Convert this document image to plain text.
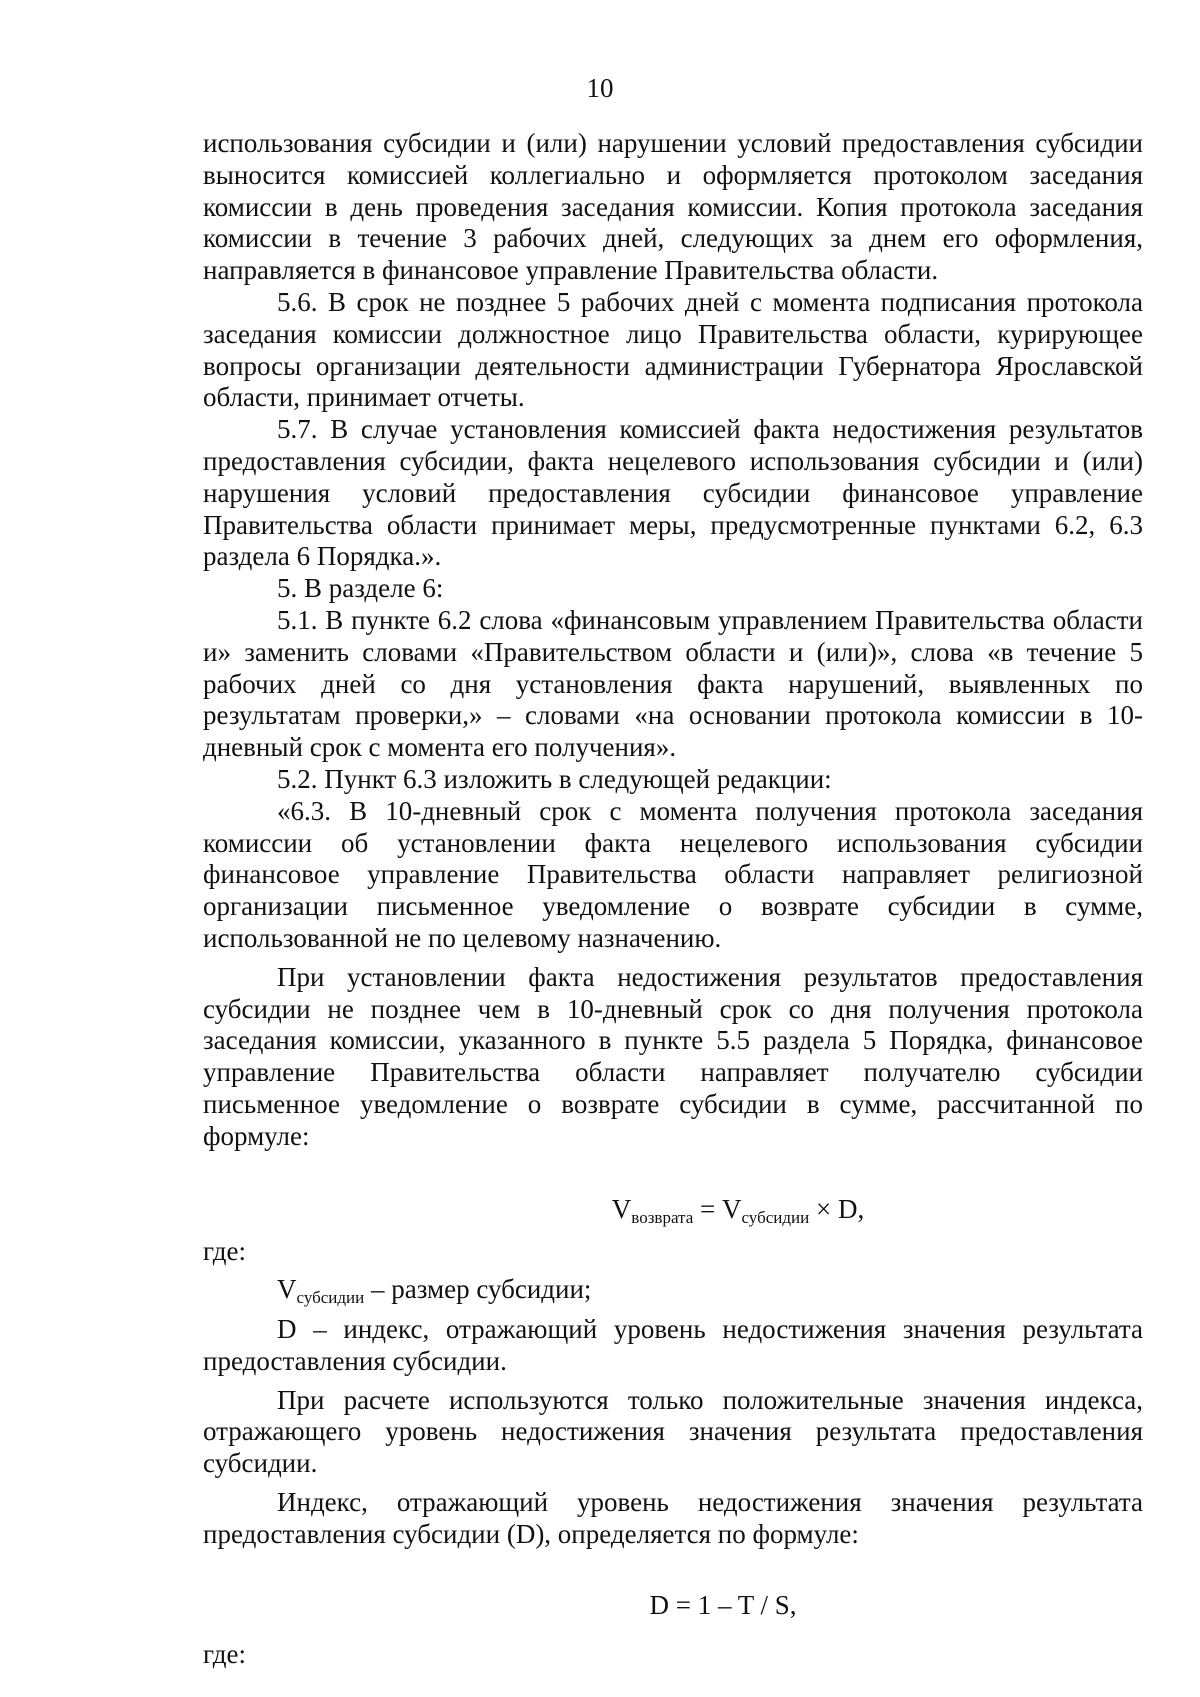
10

использования субсидии и (или) нарушении условий предоставления субсидии выносится комиссией коллегиально и оформляется протоколом заседания комиссии в день проведения заседания комиссии. Копия протокола заседания комиссии в течение 3 рабочих дней, следующих за днем его оформления, направляется в финансовое управление Правительства области.

5.6. В срок не позднее 5 рабочих дней с момента подписания протокола заседания комиссии должностное лицо Правительства области, курирующее вопросы организации деятельности администрации Губернатора Ярославской области, принимает отчеты.

5.7. В случае установления комиссией факта недостижения результатов предоставления субсидии, факта нецелевого использования субсидии и (или) нарушения условий предоставления субсидии финансовое управление Правительства области принимает меры, предусмотренные пунктами 6.2, 6.3 раздела 6 Порядка.».

5. В разделе 6:

5.1. В пункте 6.2 слова «финансовым управлением Правительства области и» заменить словами «Правительством области и (или)», слова «в течение 5 рабочих дней со дня установления факта нарушений, выявленных по результатам проверки,» – словами «на основании протокола комиссии в 10-дневный срок с момента его получения».

5.2. Пункт 6.3 изложить в следующей редакции:

«6.3. В 10-дневный срок с момента получения протокола заседания комиссии об установлении факта нецелевого использования субсидии финансовое управление Правительства области направляет религиозной организации письменное уведомление о возврате субсидии в сумме, использованной не по целевому назначению.

При установлении факта недостижения результатов предоставления субсидии не позднее чем в 10-дневный срок со дня получения протокола заседания комиссии, указанного в пункте 5.5 раздела 5 Порядка, финансовое управление Правительства области направляет получателю субсидии письменное уведомление о возврате субсидии в сумме, рассчитанной по формуле:

$V_{возврата} = V_{субсидии} \times D$,

где:

$V_{субсидии}$ – размер субсидии;

D – индекс, отражающий уровень недостижения значения результата предоставления субсидии.

При расчете используются только положительные значения индекса, отражающего уровень недостижения значения результата предоставления субсидии.

Индекс, отражающий уровень недостижения значения результата предоставления субсидии (D), определяется по формуле:

D = 1 – T / S,

где:
